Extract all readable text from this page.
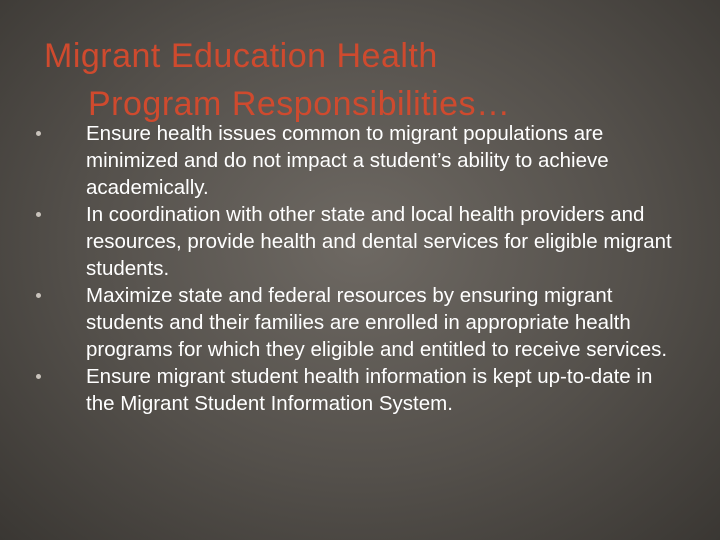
Migrant Education Health
Program Responsibilities…
Ensure health issues common to migrant populations are minimized and do not impact a student’s ability to achieve academically.
In coordination with other state and local health providers and resources, provide health and dental services for eligible migrant students.
Maximize state and federal resources by ensuring migrant students and their families are enrolled in appropriate health programs for which they eligible and entitled to receive services.
Ensure migrant student health information is kept up-to-date in the Migrant Student Information System.
